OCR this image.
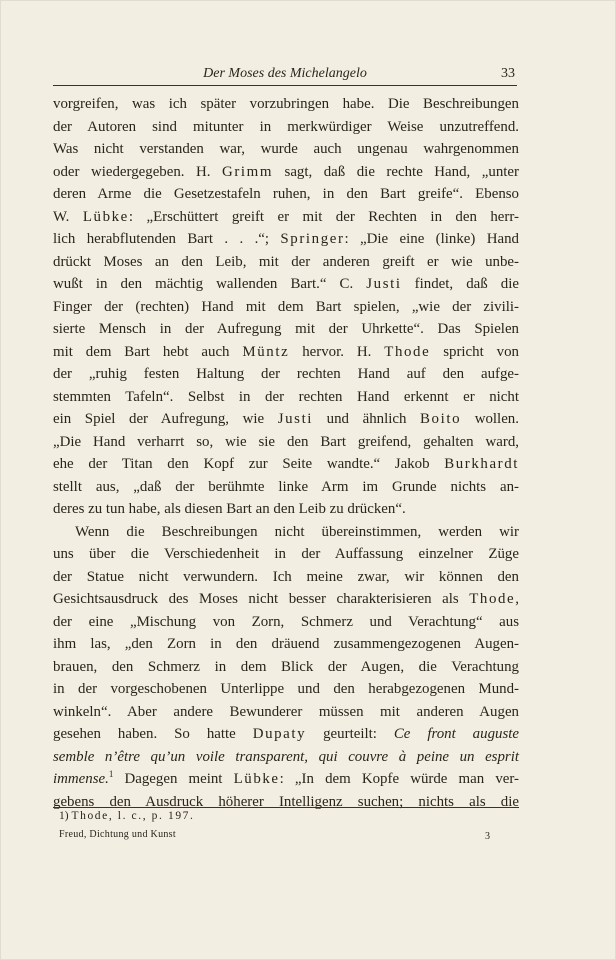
Der Moses des Michelangelo	33
vorgreifen, was ich später vorzubringen habe. Die Beschreibungen
der Autoren sind mitunter in merkwürdiger Weise unzutreffend.
Was nicht verstanden war, wurde auch ungenau wahrgenommen
oder wiedergegeben. H. Grimm sagt, daß die rechte Hand, „unter
deren Arme die Gesetzestafeln ruhen, in den Bart greife“. Ebenso
W. Lübke: „Erschüttert greift er mit der Rechten in den herr-
lich herabflutenden Bart . . .“; Springer: „Die eine (linke) Hand
drückt Moses an den Leib, mit der anderen greift er wie unbe-
wußt in den mächtig wallenden Bart.“ C. Justi findet, daß die
Finger der (rechten) Hand mit dem Bart spielen, „wie der zivili-
sierte Mensch in der Aufregung mit der Uhrkette“. Das Spielen
mit dem Bart hebt auch Müntz hervor. H. Thode spricht von
der „ruhig festen Haltung der rechten Hand auf den aufge-
stemmten Tafeln“. Selbst in der rechten Hand erkennt er nicht
ein Spiel der Aufregung, wie Justi und ähnlich Boito wollen.
„Die Hand verharrt so, wie sie den Bart greifend, gehalten ward,
ehe der Titan den Kopf zur Seite wandte.“ Jakob Burkhardt
stellt aus, „daß der berühmte linke Arm im Grunde nichts an-
deres zu tun habe, als diesen Bart an den Leib zu drücken“.
Wenn die Beschreibungen nicht übereinstimmen, werden wir
uns über die Verschiedenheit in der Auffassung einzelner Züge
der Statue nicht verwundern. Ich meine zwar, wir können den
Gesichtsausdruck des Moses nicht besser charakterisieren als Thode,
der eine „Mischung von Zorn, Schmerz und Verachtung“ aus
ihm las, „den Zorn in den dräuend zusammengezogenen Augen-
brauen, den Schmerz in dem Blick der Augen, die Verachtung
in der vorgeschobenen Unterlippe und den herabgezogenen Mund-
winkeln“. Aber andere Bewunderer müssen mit anderen Augen
gesehen haben. So hatte Dupaty geurteilt: Ce front auguste
semble n’être qu’un voile transparent, qui couvre à peine un esprit
immense.$^1$ Dagegen meint Lübke: „In dem Kopfe würde man ver-
gebens den Ausdruck höherer Intelligenz suchen; nichts als die
1) Thode, l. c., p. 197.
Freud, Dichtung und Kunst	3
